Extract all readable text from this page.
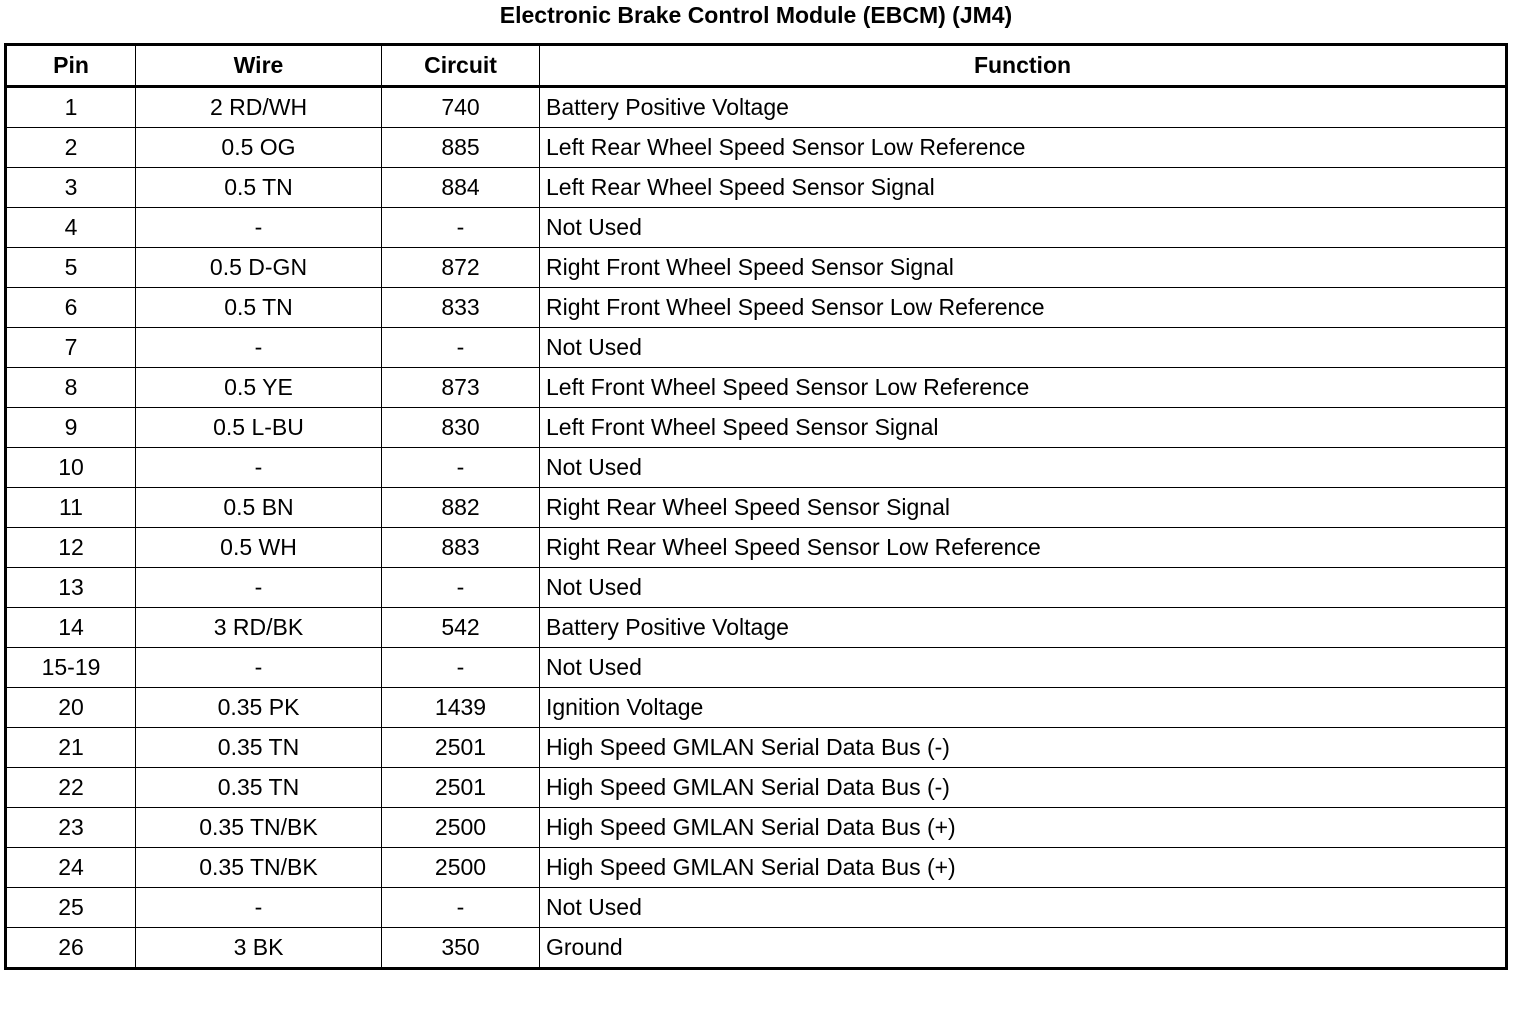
Electronic Brake Control Module (EBCM) (JM4)
Pin	Wire	Circuit	Function
1	2 RD/WH	740	Battery Positive Voltage
2	0.5 OG	885	Left Rear Wheel Speed Sensor Low Reference
3	0.5 TN	884	Left Rear Wheel Speed Sensor Signal
4	-	-	Not Used
5	0.5 D-GN	872	Right Front Wheel Speed Sensor Signal
6	0.5 TN	833	Right Front Wheel Speed Sensor Low Reference
7	-	-	Not Used
8	0.5 YE	873	Left Front Wheel Speed Sensor Low Reference
9	0.5 L-BU	830	Left Front Wheel Speed Sensor Signal
10	-	-	Not Used
11	0.5 BN	882	Right Rear Wheel Speed Sensor Signal
12	0.5 WH	883	Right Rear Wheel Speed Sensor Low Reference
13	-	-	Not Used
14	3 RD/BK	542	Battery Positive Voltage
15-19	-	-	Not Used
20	0.35 PK	1439	Ignition Voltage
21	0.35 TN	2501	High Speed GMLAN Serial Data Bus (-)
22	0.35 TN	2501	High Speed GMLAN Serial Data Bus (-)
23	0.35 TN/BK	2500	High Speed GMLAN Serial Data Bus (+)
24	0.35 TN/BK	2500	High Speed GMLAN Serial Data Bus (+)
25	-	-	Not Used
26	3 BK	350	Ground
